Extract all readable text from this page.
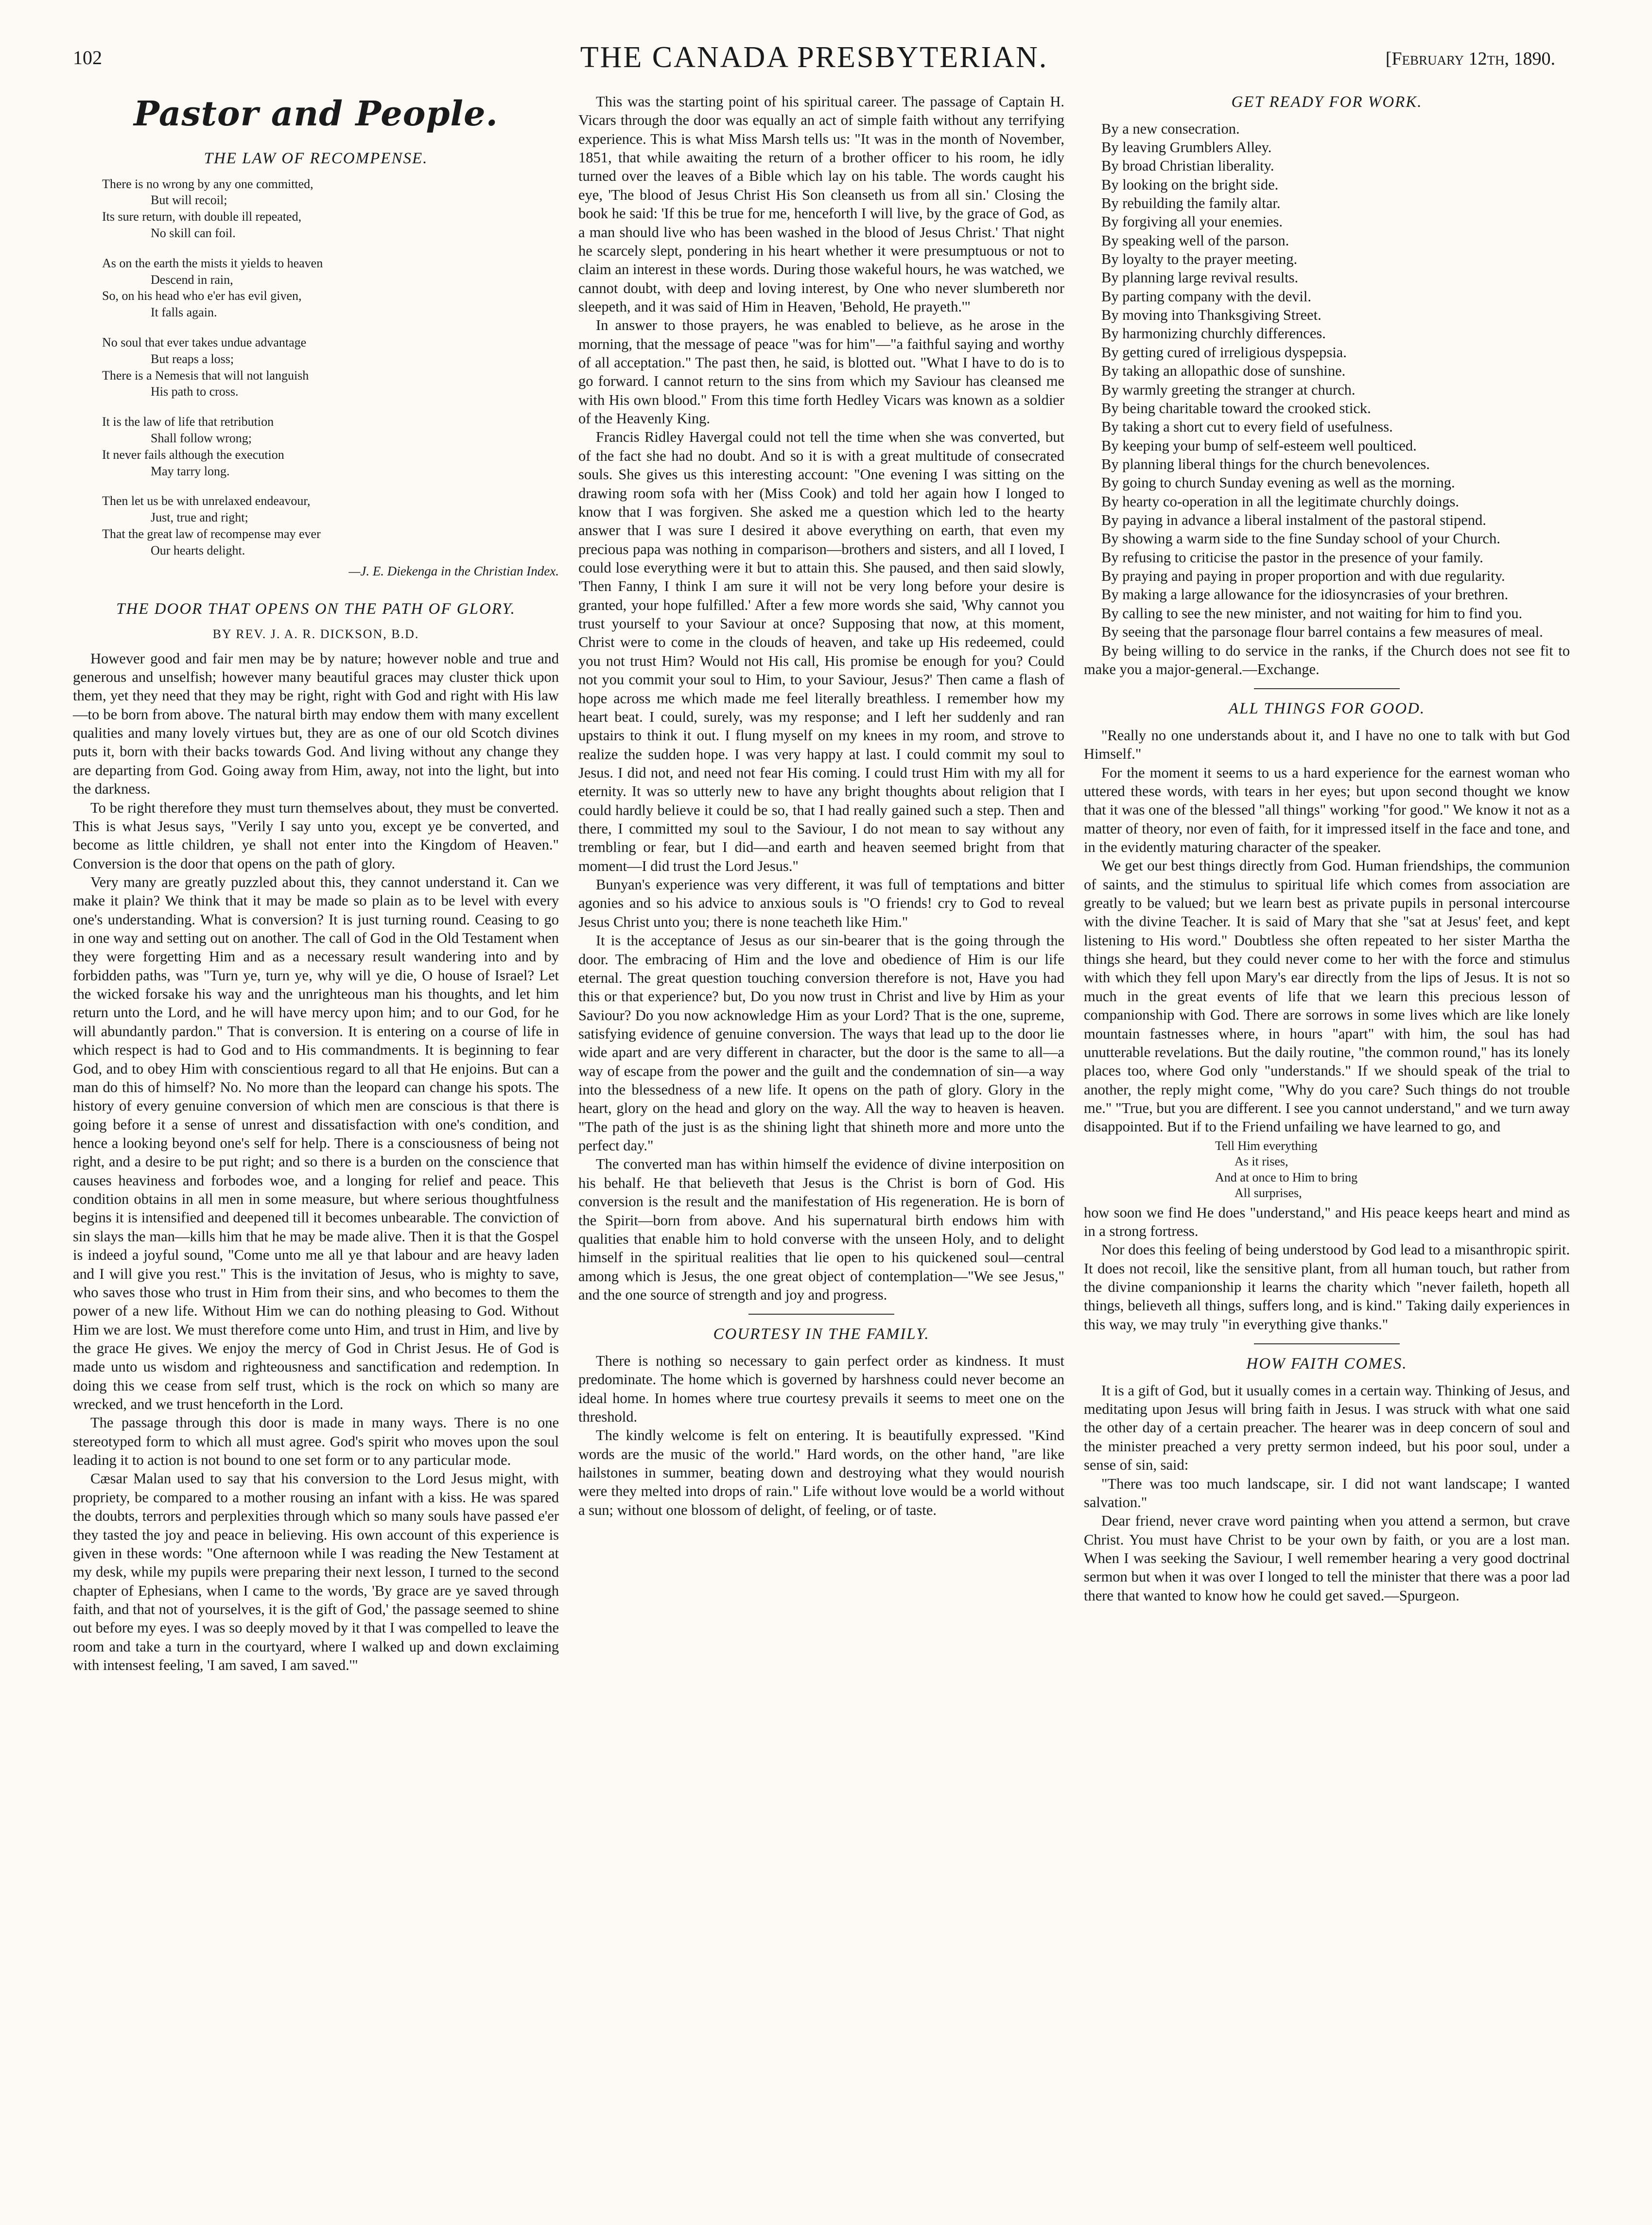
102	THE CANADA PRESBYTERIAN.	[February 12th, 1890.
Pastor and People.
THE LAW OF RECOMPENSE.
There is no wrong by any one committed,
But will recoil;
Its sure return, with double ill repeated,
No skill can foil.
As on the earth the mists it yields to heaven
Descend in rain,
So, on his head who e'er has evil given,
It falls again.
No soul that ever takes undue advantage
But reaps a loss;
There is a Nemesis that will not languish
His path to cross.
It is the law of life that retribution
Shall follow wrong;
It never fails although the execution
May tarry long.
Then let us be with unrelaxed endeavour,
Just, true and right;
That the great law of recompense may ever
Our hearts delight.
—J. E. Diekenga in the Christian Index.
THE DOOR THAT OPENS ON THE PATH OF GLORY.
BY REV. J. A. R. DICKSON, B.D.

However good and fair men may be by nature; however noble and true and generous and unselfish; however many beautiful graces may cluster thick upon them, yet they need that they may be right, right with God and right with His law—to be born from above. The natural birth may endow them with many excellent qualities and many lovely virtues but, they are as one of our old Scotch divines puts it, born with their backs towards God. And living without any change they are departing from God. Going away from Him, away, not into the light, but into the darkness.

To be right therefore they must turn themselves about, they must be converted. This is what Jesus says, "Verily I say unto you, except ye be converted, and become as little children, ye shall not enter into the Kingdom of Heaven." Conversion is the door that opens on the path of glory.

Very many are greatly puzzled about this, they cannot understand it. Can we make it plain? We think that it may be made so plain as to be level with every one's understanding. What is conversion? It is just turning round. Ceasing to go in one way and setting out on another. The call of God in the Old Testament when they were forgetting Him and as a necessary result wandering into and by forbidden paths, was "Turn ye, turn ye, why will ye die, O house of Israel? Let the wicked forsake his way and the unrighteous man his thoughts, and let him return unto the Lord, and he will have mercy upon him; and to our God, for he will abundantly pardon." That is conversion. It is entering on a course of life in which respect is had to God and to His commandments. It is beginning to fear God, and to obey Him with conscientious regard to all that He enjoins. But can a man do this of himself? No. No more than the leopard can change his spots. The history of every genuine conversion of which men are conscious is that there is going before it a sense of unrest and dissatisfaction with one's condition, and hence a looking beyond one's self for help. There is a consciousness of being not right, and a desire to be put right; and so there is a burden on the conscience that causes heaviness and forbodes woe, and a longing for relief and peace. This condition obtains in all men in some measure, but where serious thoughtfulness begins it is intensified and deepened till it becomes unbearable. The conviction of sin slays the man—kills him that he may be made alive. Then it is that the Gospel is indeed a joyful sound, "Come unto me all ye that labour and are heavy laden and I will give you rest." This is the invitation of Jesus, who is mighty to save, who saves those who trust in Him from their sins, and who becomes to them the power of a new life. Without Him we can do nothing pleasing to God. Without Him we are lost. We must therefore come unto Him, and trust in Him, and live by the grace He gives. We enjoy the mercy of God in Christ Jesus. He of God is made unto us wisdom and righteousness and sanctification and redemption. In doing this we cease from self trust, which is the rock on which so many are wrecked, and we trust henceforth in the Lord.

The passage through this door is made in many ways. There is no one stereotyped form to which all must agree. God's spirit who moves upon the soul leading it to action is not bound to one set form or to any particular mode.

Cæsar Malan used to say that his conversion to the Lord Jesus might, with propriety, be compared to a mother rousing an infant with a kiss. He was spared the doubts, terrors and perplexities through which so many souls have passed e'er they tasted the joy and peace in believing. His own account of this experience is given in these words: "One afternoon while I was reading the New Testament at my desk, while my pupils were preparing their next lesson, I turned to the second chapter of Ephesians, when I came to the words, 'By grace are ye saved through faith, and that not of yourselves, it is the gift of God,' the passage seemed to shine out before my eyes. I was so deeply moved by it that I was compelled to leave the room and take a turn in the courtyard, where I walked up and down exclaiming with intensest feeling, 'I am saved, I am saved.'"

This was the starting point of his spiritual career. The passage of Captain H. Vicars through the door was equally an act of simple faith without any terrifying experience. This is what Miss Marsh tells us: "It was in the month of November, 1851, that while awaiting the return of a brother officer to his room, he idly turned over the leaves of a Bible which lay on his table. The words caught his eye, 'The blood of Jesus Christ His Son cleanseth us from all sin.' Closing the book he said: 'If this be true for me, henceforth I will live, by the grace of God, as a man should live who has been washed in the blood of Jesus Christ.' That night he scarcely slept, pondering in his heart whether it were presumptuous or not to claim an interest in these words. During those wakeful hours, he was watched, we cannot doubt, with deep and loving interest, by One who never slumbereth nor sleepeth, and it was said of Him in Heaven, 'Behold, He prayeth.'"

In answer to those prayers, he was enabled to believe, as he arose in the morning, that the message of peace "was for him"—"a faithful saying and worthy of all acceptation." The past then, he said, is blotted out. "What I have to do is to go forward. I cannot return to the sins from which my Saviour has cleansed me with His own blood." From this time forth Hedley Vicars was known as a soldier of the Heavenly King.

Francis Ridley Havergal could not tell the time when she was converted, but of the fact she had no doubt. And so it is with a great multitude of consecrated souls. She gives us this interesting account: "One evening I was sitting on the drawing room sofa with her (Miss Cook) and told her again how I longed to know that I was forgiven. She asked me a question which led to the hearty answer that I was sure I desired it above everything on earth, that even my precious papa was nothing in comparison—brothers and sisters, and all I loved, I could lose everything were it but to attain this. She paused, and then said slowly, 'Then Fanny, I think I am sure it will not be very long before your desire is granted, your hope fulfilled.' After a few more words she said, 'Why cannot you trust yourself to your Saviour at once? Supposing that now, at this moment, Christ were to come in the clouds of heaven, and take up His redeemed, could you not trust Him? Would not His call, His promise be enough for you? Could not you commit your soul to Him, to your Saviour, Jesus?' Then came a flash of hope across me which made me feel literally breathless. I remember how my heart beat. I could, surely, was my response; and I left her suddenly and ran upstairs to think it out. I flung myself on my knees in my room, and strove to realize the sudden hope. I was very happy at last. I could commit my soul to Jesus. I did not, and need not fear His coming. I could trust Him with my all for eternity. It was so utterly new to have any bright thoughts about religion that I could hardly believe it could be so, that I had really gained such a step. Then and there, I committed my soul to the Saviour, I do not mean to say without any trembling or fear, but I did—and earth and heaven seemed bright from that moment—I did trust the Lord Jesus."

Bunyan's experience was very different, it was full of temptations and bitter agonies and so his advice to anxious souls is "O friends! cry to God to reveal Jesus Christ unto you; there is none teacheth like Him."

It is the acceptance of Jesus as our sin-bearer that is the going through the door. The embracing of Him and the love and obedience of Him is our life eternal. The great question touching conversion therefore is not, Have you had this or that experience? but, Do you now trust in Christ and live by Him as your Saviour? Do you now acknowledge Him as your Lord? That is the one, supreme, satisfying evidence of genuine conversion. The ways that lead up to the door lie wide apart and are very different in character, but the door is the same to all—a way of escape from the power and the guilt and the condemnation of sin—a way into the blessedness of a new life. It opens on the path of glory. Glory in the heart, glory on the head and glory on the way. All the way to heaven is heaven. "The path of the just is as the shining light that shineth more and more unto the perfect day."

The converted man has within himself the evidence of divine interposition on his behalf. He that believeth that Jesus is the Christ is born of God. His conversion is the result and the manifestation of His regeneration. He is born of the Spirit—born from above. And his supernatural birth endows him with qualities that enable him to hold converse with the unseen Holy, and to delight himself in the spiritual realities that lie open to his quickened soul—central among which is Jesus, the one great object of contemplation—"We see Jesus," and the one source of strength and joy and progress.

COURTESY IN THE FAMILY.

There is nothing so necessary to gain perfect order as kindness. It must predominate. The home which is governed by harshness could never become an ideal home. In homes where true courtesy prevails it seems to meet one on the threshold.

The kindly welcome is felt on entering. It is beautifully expressed. "Kind words are the music of the world." Hard words, on the other hand, "are like hailstones in summer, beating down and destroying what they would nourish were they melted into drops of rain." Life without love would be a world without a sun; without one blossom of delight, of feeling, or of taste.

GET READY FOR WORK.

By a new consecration.

By leaving Grumblers Alley.

By broad Christian liberality.

By looking on the bright side.

By rebuilding the family altar.

By forgiving all your enemies.

By speaking well of the parson.

By loyalty to the prayer meeting.

By planning large revival results.

By parting company with the devil.

By moving into Thanksgiving Street.

By harmonizing churchly differences.

By getting cured of irreligious dyspepsia.

By taking an allopathic dose of sunshine.

By warmly greeting the stranger at church.

By being charitable toward the crooked stick.

By taking a short cut to every field of usefulness.

By keeping your bump of self-esteem well poulticed.

By planning liberal things for the church benevolences.

By going to church Sunday evening as well as the morning.

By hearty co-operation in all the legitimate churchly doings.

By paying in advance a liberal instalment of the pastoral stipend.

By showing a warm side to the fine Sunday school of your Church.

By refusing to criticise the pastor in the presence of your family.

By praying and paying in proper proportion and with due regularity.

By making a large allowance for the idiosyncrasies of your brethren.

By calling to see the new minister, and not waiting for him to find you.

By seeing that the parsonage flour barrel contains a few measures of meal.

By being willing to do service in the ranks, if the Church does not see fit to make you a major-general.—Exchange.

ALL THINGS FOR GOOD.

"Really no one understands about it, and I have no one to talk with but God Himself."

For the moment it seems to us a hard experience for the earnest woman who uttered these words, with tears in her eyes; but upon second thought we know that it was one of the blessed "all things" working "for good." We know it not as a matter of theory, nor even of faith, for it impressed itself in the face and tone, and in the evidently maturing character of the speaker.

We get our best things directly from God. Human friendships, the communion of saints, and the stimulus to spiritual life which comes from association are greatly to be valued; but we learn best as private pupils in personal intercourse with the divine Teacher. It is said of Mary that she "sat at Jesus' feet, and kept listening to His word." Doubtless she often repeated to her sister Martha the things she heard, but they could never come to her with the force and stimulus with which they fell upon Mary's ear directly from the lips of Jesus. It is not so much in the great events of life that we learn this precious lesson of companionship with God. There are sorrows in some lives which are like lonely mountain fastnesses where, in hours "apart" with him, the soul has had unutterable revelations. But the daily routine, "the common round," has its lonely places too, where God only "understands." If we should speak of the trial to another, the reply might come, "Why do you care? Such things do not trouble me." "True, but you are different. I see you cannot understand," and we turn away disappointed. But if to the Friend unfailing we have learned to go, and

Tell Him everything
As it rises,
And at once to Him to bring
All surprises,

how soon we find He does "understand," and His peace keeps heart and mind as in a strong fortress.

Nor does this feeling of being understood by God lead to a misanthropic spirit. It does not recoil, like the sensitive plant, from all human touch, but rather from the divine companionship it learns the charity which "never faileth, hopeth all things, believeth all things, suffers long, and is kind." Taking daily experiences in this way, we may truly "in everything give thanks."

HOW FAITH COMES.

It is a gift of God, but it usually comes in a certain way. Thinking of Jesus, and meditating upon Jesus will bring faith in Jesus. I was struck with what one said the other day of a certain preacher. The hearer was in deep concern of soul and the minister preached a very pretty sermon indeed, but his poor soul, under a sense of sin, said:

"There was too much landscape, sir. I did not want landscape; I wanted salvation."

Dear friend, never crave word painting when you attend a sermon, but crave Christ. You must have Christ to be your own by faith, or you are a lost man. When I was seeking the Saviour, I well remember hearing a very good doctrinal sermon but when it was over I longed to tell the minister that there was a poor lad there that wanted to know how he could get saved.—Spurgeon.
